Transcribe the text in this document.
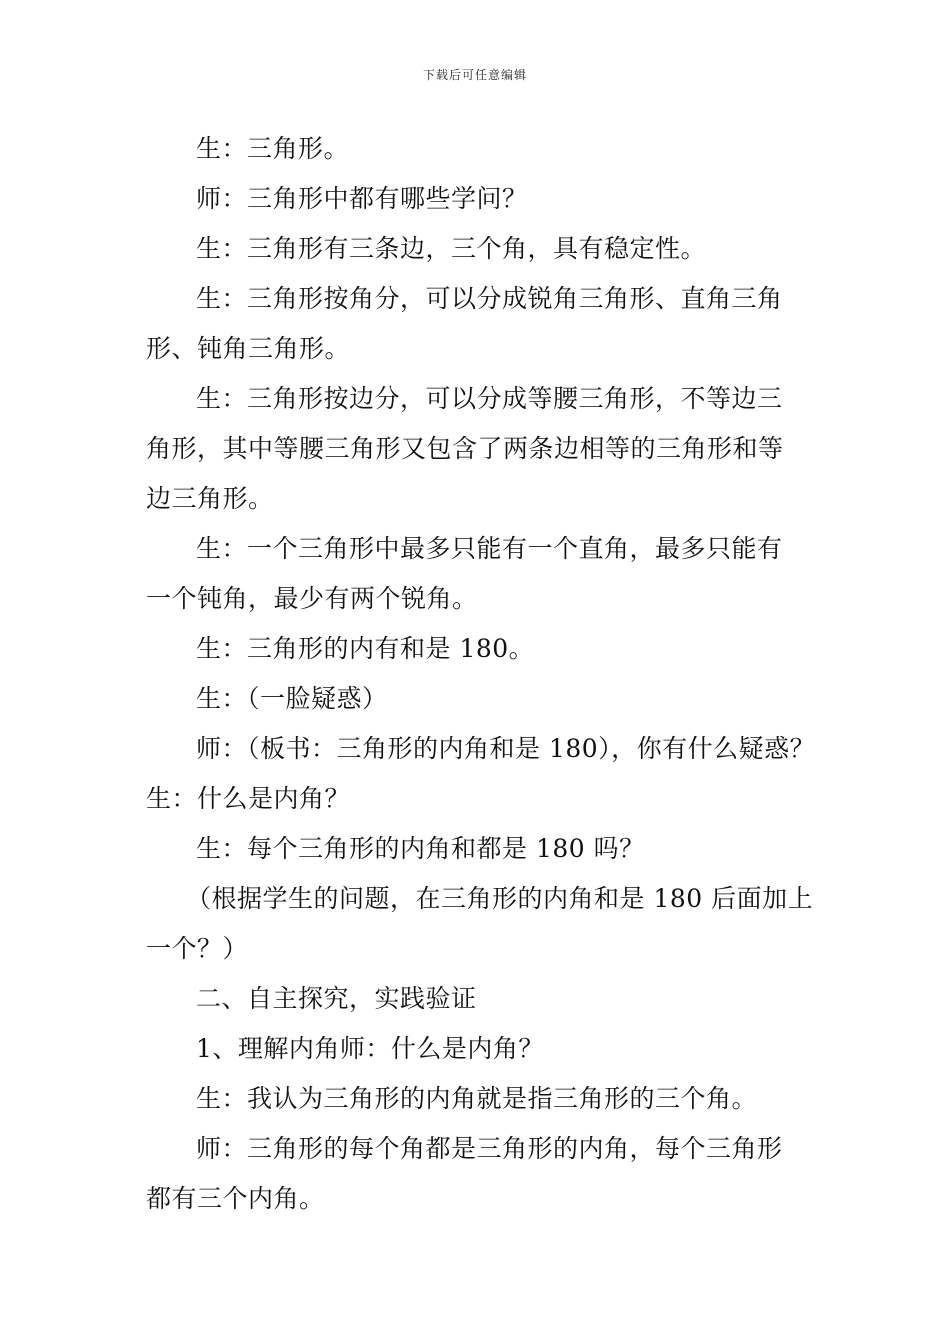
下载后可任意编辑
生：三角形。
师：三角形中都有哪些学问？
生：三角形有三条边，三个角，具有稳定性。
生：三角形按角分，可以分成锐角三角形、直角三角
形、钝角三角形。
生：三角形按边分，可以分成等腰三角形，不等边三
角形，其中等腰三角形又包含了两条边相等的三角形和等
边三角形。
生：一个三角形中最多只能有一个直角，最多只能有
一个钝角，最少有两个锐角。
生：三角形的内有和是 180。
生：（一脸疑惑）
师：（板书：三角形的内角和是 180），你有什么疑惑？
生：什么是内角？
生：每个三角形的内角和都是 180 吗？
（根据学生的问题，在三角形的内角和是 180 后面加上
一个？）
二、自主探究，实践验证
1、理解内角师：什么是内角？
生：我认为三角形的内角就是指三角形的三个角。
师：三角形的每个角都是三角形的内角，每个三角形
都有三个内角。
